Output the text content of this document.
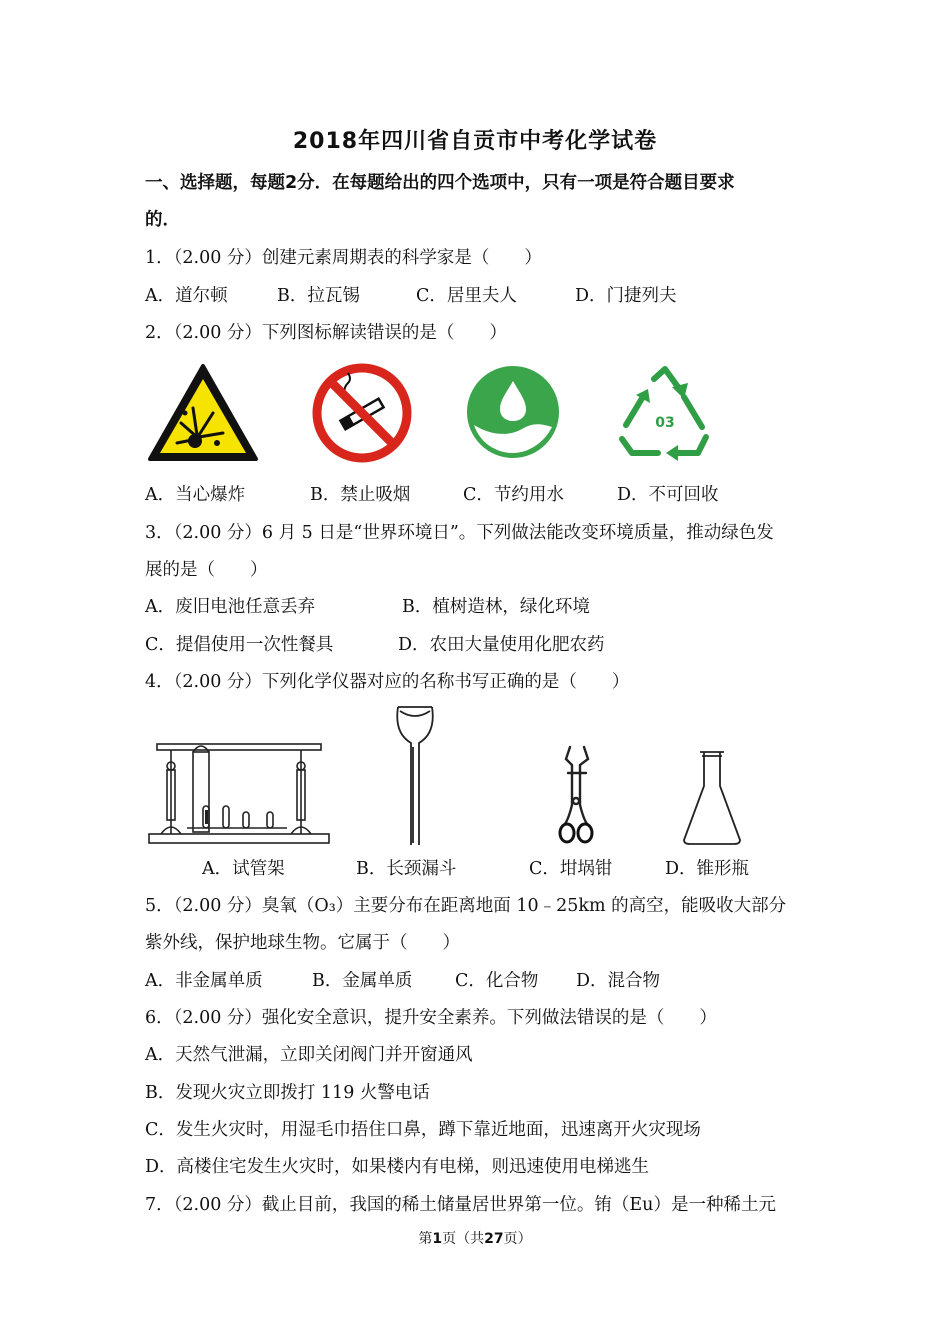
2018年四川省自贡市中考化学试卷
一、选择题，每题2分．在每题给出的四个选项中，只有一项是符合题目要求
的．
1．（2.00 分）创建元素周期表的科学家是（　　）
A．道尔顿	B．拉瓦锡	C．居里夫人	D．门捷列夫
2．（2.00 分）下列图标解读错误的是（　　）
03
A．当心爆炸	B．禁止吸烟	C．节约用水	D．不可回收
3．（2.00 分）6 月 5 日是“世界环境日”。下列做法能改变环境质量，推动绿色发
展的是（　　）
A．废旧电池任意丢弃	B．植树造林，绿化环境
C．提倡使用一次性餐具	D．农田大量使用化肥农药
4．（2.00 分）下列化学仪器对应的名称书写正确的是（　　）
A．试管架	B．长颈漏斗	C．坩埚钳	D．锥形瓶
5．（2.00 分）臭氧（O₃）主要分布在距离地面 10﹣25km 的高空，能吸收大部分
紫外线，保护地球生物。它属于（　　）
A．非金属单质	B．金属单质 C．化合物 D．混合物
6．（2.00 分）强化安全意识，提升安全素养。下列做法错误的是（　　）
A．天然气泄漏，立即关闭阀门并开窗通风
B．发现火灾立即拨打 119 火警电话
C．发生火灾时，用湿毛巾捂住口鼻，蹲下靠近地面，迅速离开火灾现场
D．高楼住宅发生火灾时，如果楼内有电梯，则迅速使用电梯逃生
7．（2.00 分）截止目前，我国的稀土储量居世界第一位。铕（Eu）是一种稀土元
第1页（共27页）
